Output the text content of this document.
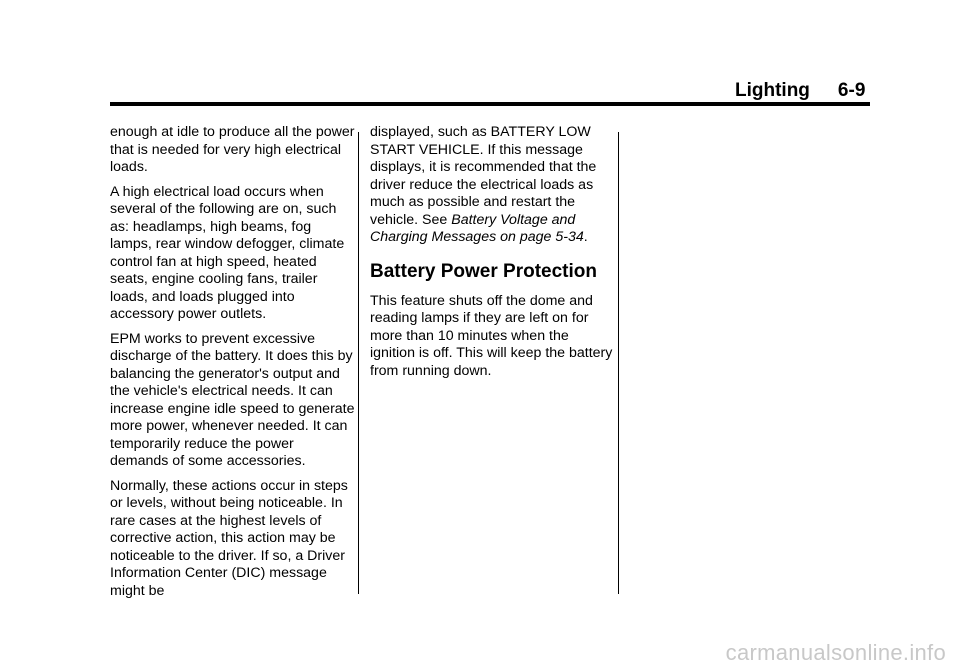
Lighting 6-9

enough at idle to produce all the power that is needed for very high electrical loads.

A high electrical load occurs when several of the following are on, such as: headlamps, high beams, fog lamps, rear window defogger, climate control fan at high speed, heated seats, engine cooling fans, trailer loads, and loads plugged into accessory power outlets.

EPM works to prevent excessive discharge of the battery. It does this by balancing the generator's output and the vehicle's electrical needs. It can increase engine idle speed to generate more power, whenever needed. It can temporarily reduce the power demands of some accessories.

Normally, these actions occur in steps or levels, without being noticeable. In rare cases at the highest levels of corrective action, this action may be noticeable to the driver. If so, a Driver Information Center (DIC) message might be

displayed, such as BATTERY LOW START VEHICLE. If this message displays, it is recommended that the driver reduce the electrical loads as much as possible and restart the vehicle. See Battery Voltage and Charging Messages on page 5-34.

Battery Power Protection

This feature shuts off the dome and reading lamps if they are left on for more than 10 minutes when the ignition is off. This will keep the battery from running down.

carmanualsonline.info
